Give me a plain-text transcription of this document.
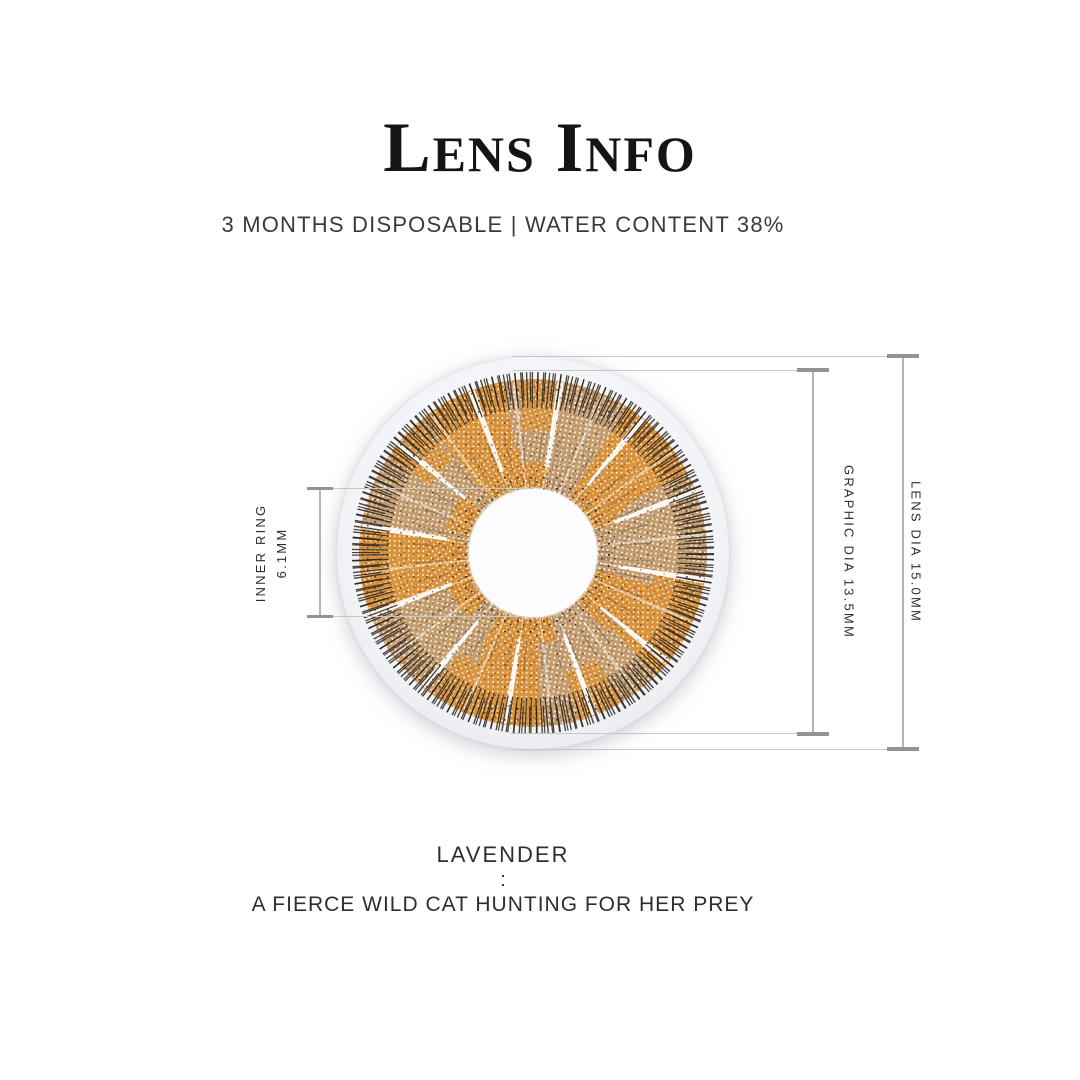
Lens Info
3 MONTHS DISPOSABLE | WATER CONTENT 38%
INNER RING 6.1MM	GRAPHIC DIA 13.5MM	LENS DIA 15.0MM
LAVENDER
:
A FIERCE WILD CAT HUNTING FOR HER PREY
